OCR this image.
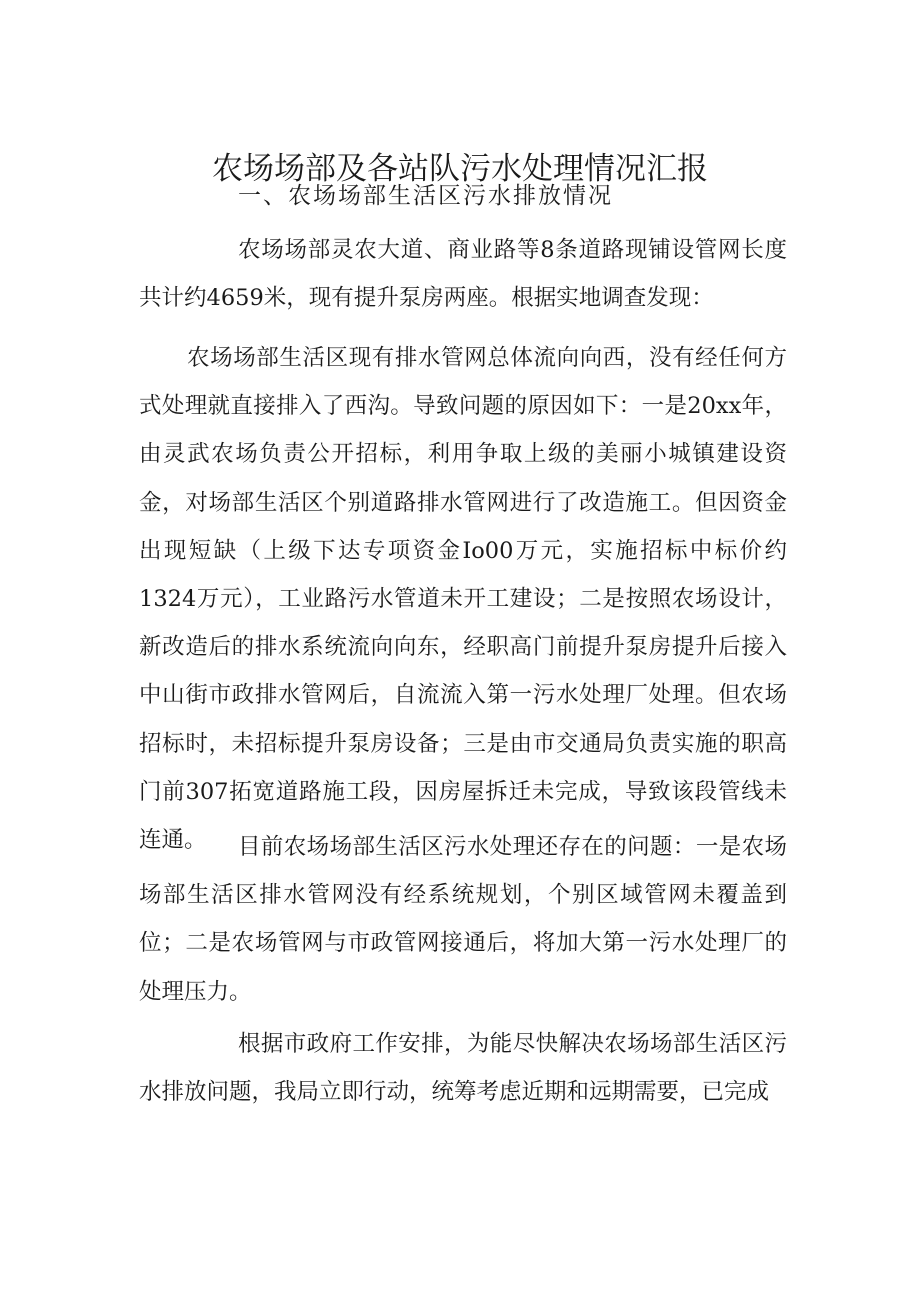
农场场部及各站队污水处理情况汇报
一、农场场部生活区污水排放情况

农场场部灵农大道、商业路等8条道路现铺设管网长度共计约4659米，现有提升泵房两座。根据实地调查发现：

农场场部生活区现有排水管网总体流向向西，没有经任何方式处理就直接排入了西沟。导致问题的原因如下：一是20xx年，由灵武农场负责公开招标，利用争取上级的美丽小城镇建设资金，对场部生活区个别道路排水管网进行了改造施工。但因资金出现短缺（上级下达专项资金Io00万元，实施招标中标价约1324万元），工业路污水管道未开工建设；二是按照农场设计，新改造后的排水系统流向向东，经职高门前提升泵房提升后接入中山街市政排水管网后，自流流入第一污水处理厂处理。但农场招标时，未招标提升泵房设备；三是由市交通局负责实施的职高门前307拓宽道路施工段，因房屋拆迁未完成，导致该段管线未连通。	目前农场场部生活区污水处理还存在的问题：一是农场场部生活区排水管网没有经系统规划，个别区域管网未覆盖到位；二是农场管网与市政管网接通后，将加大第一污水处理厂的处理压力。

根据市政府工作安排，为能尽快解决农场场部生活区污水排放问题，我局立即行动，统筹考虑近期和远期需要，已完成
